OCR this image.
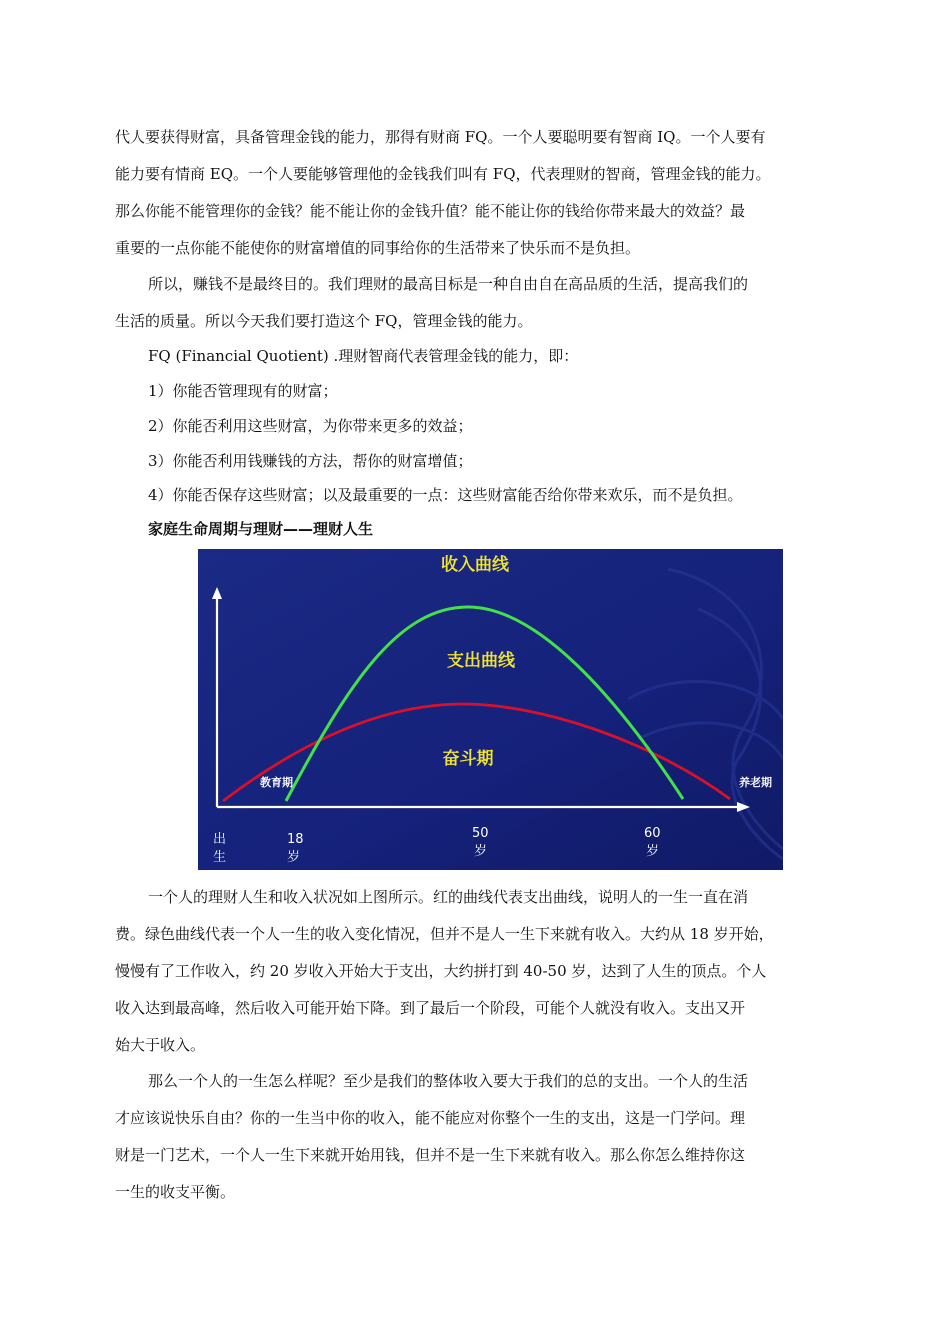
代人要获得财富，具备管理金钱的能力，那得有财商 FQ。一个人要聪明要有智商 IQ。一个人要有
能力要有情商 EQ。一个人要能够管理他的金钱我们叫有 FQ，代表理财的智商，管理金钱的能力。
那么你能不能管理你的金钱？能不能让你的金钱升值？能不能让你的钱给你带来最大的效益？最
重要的一点你能不能使你的财富增值的同事给你的生活带来了快乐而不是负担。

所以，赚钱不是最终目的。我们理财的最高目标是一种自由自在高品质的生活，提高我们的
生活的质量。所以今天我们要打造这个 FQ，管理金钱的能力。

FQ (Financial Quotient) .理财智商代表管理金钱的能力，即：
1）你能否管理现有的财富；
2）你能否利用这些财富，为你带来更多的效益；
3）你能否利用钱赚钱的方法，帮你的财富增值；
4）你能否保存这些财富；以及最重要的一点：这些财富能否给你带来欢乐，而不是负担。
家庭生命周期与理财——理财人生
收入曲线
支出曲线
奋斗期
教育期	养老期
出
生
18
岁
50
岁
60
岁

一个人的理财人生和收入状况如上图所示。红的曲线代表支出曲线，说明人的一生一直在消
费。绿色曲线代表一个人一生的收入变化情况，但并不是人一生下来就有收入。大约从 18 岁开始，
慢慢有了工作收入，约 20 岁收入开始大于支出，大约拼打到 40-50 岁，达到了人生的顶点。个人
收入达到最高峰，然后收入可能开始下降。到了最后一个阶段，可能个人就没有收入。支出又开
始大于收入。

那么一个人的一生怎么样呢？至少是我们的整体收入要大于我们的总的支出。一个人的生活
才应该说快乐自由？你的一生当中你的收入，能不能应对你整个一生的支出，这是一门学问。理
财是一门艺术，一个人一生下来就开始用钱，但并不是一生下来就有收入。那么你怎么维持你这
一生的收支平衡。
